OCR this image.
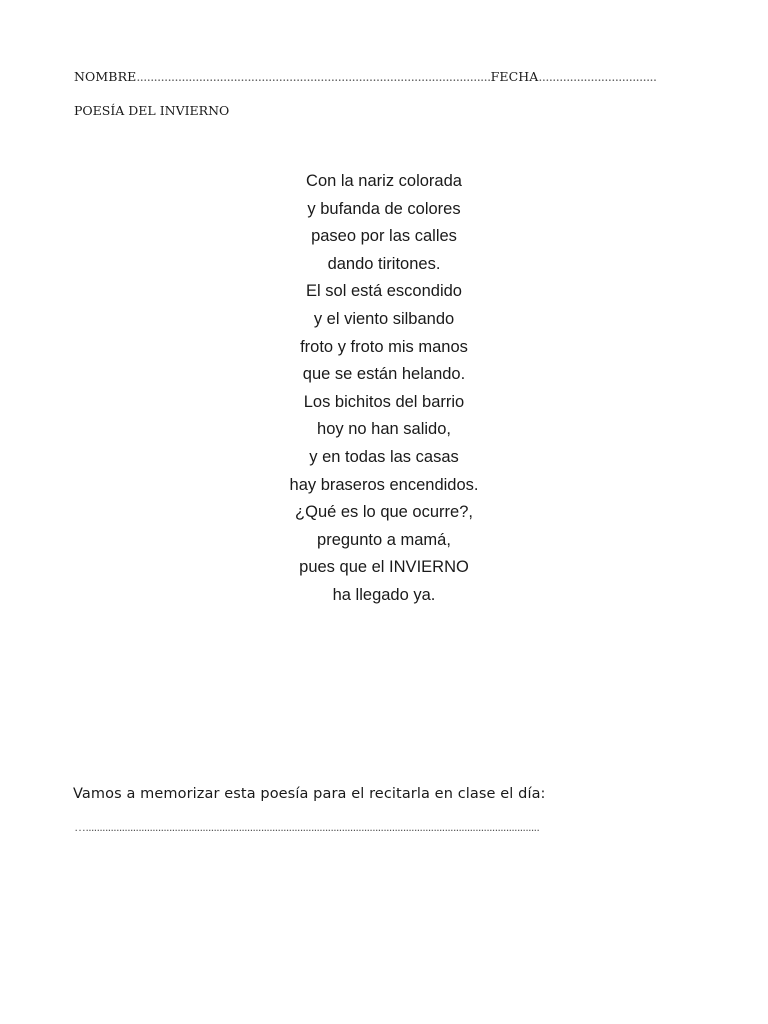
NOMBRE......................................................................................................FECHA..................................
POESÍA DEL INVIERNO
Con la nariz colorada
y bufanda de colores
paseo por las calles
dando tiritones.
El sol está escondido
y el viento silbando
froto y froto mis manos
que se están helando.
Los bichitos del barrio
hoy no han salido,
y en todas las casas
hay braseros encendidos.
¿Qué es lo que ocurre?,
pregunto a mamá,
pues que el INVIERNO
ha llegado ya.
Vamos a memorizar esta poesía para el recitarla en clase el día:
…...................................................................................................................................................................
